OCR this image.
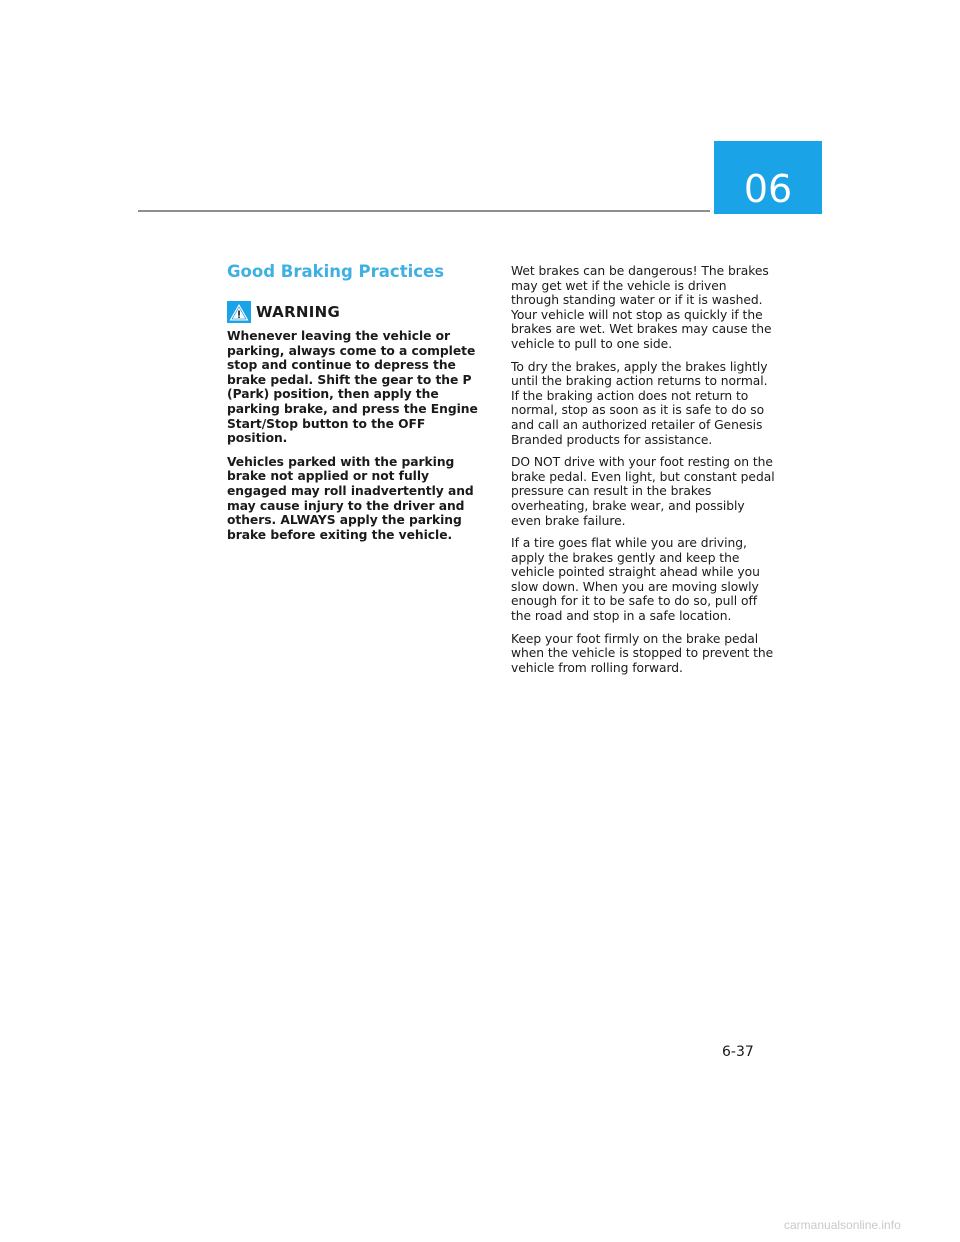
06
Good Braking Practices
WARNING

Whenever leaving the vehicle or parking, always come to a complete stop and continue to depress the brake pedal. Shift the gear to the P (Park) position, then apply the parking brake, and press the Engine Start/Stop button to the OFF position.

Vehicles parked with the parking brake not applied or not fully engaged may roll inadvertently and may cause injury to the driver and others. ALWAYS apply the parking brake before exiting the vehicle.

Wet brakes can be dangerous! The brakes may get wet if the vehicle is driven through standing water or if it is washed. Your vehicle will not stop as quickly if the brakes are wet. Wet brakes may cause the vehicle to pull to one side.

To dry the brakes, apply the brakes lightly until the braking action returns to normal. If the braking action does not return to normal, stop as soon as it is safe to do so and call an authorized retailer of Genesis Branded products for assistance.

DO NOT drive with your foot resting on the brake pedal. Even light, but constant pedal pressure can result in the brakes overheating, brake wear, and possibly even brake failure.

If a tire goes flat while you are driving, apply the brakes gently and keep the vehicle pointed straight ahead while you slow down. When you are moving slowly enough for it to be safe to do so, pull off the road and stop in a safe location.

Keep your foot firmly on the brake pedal when the vehicle is stopped to prevent the vehicle from rolling forward.

6-37
carmanualsonline.info
